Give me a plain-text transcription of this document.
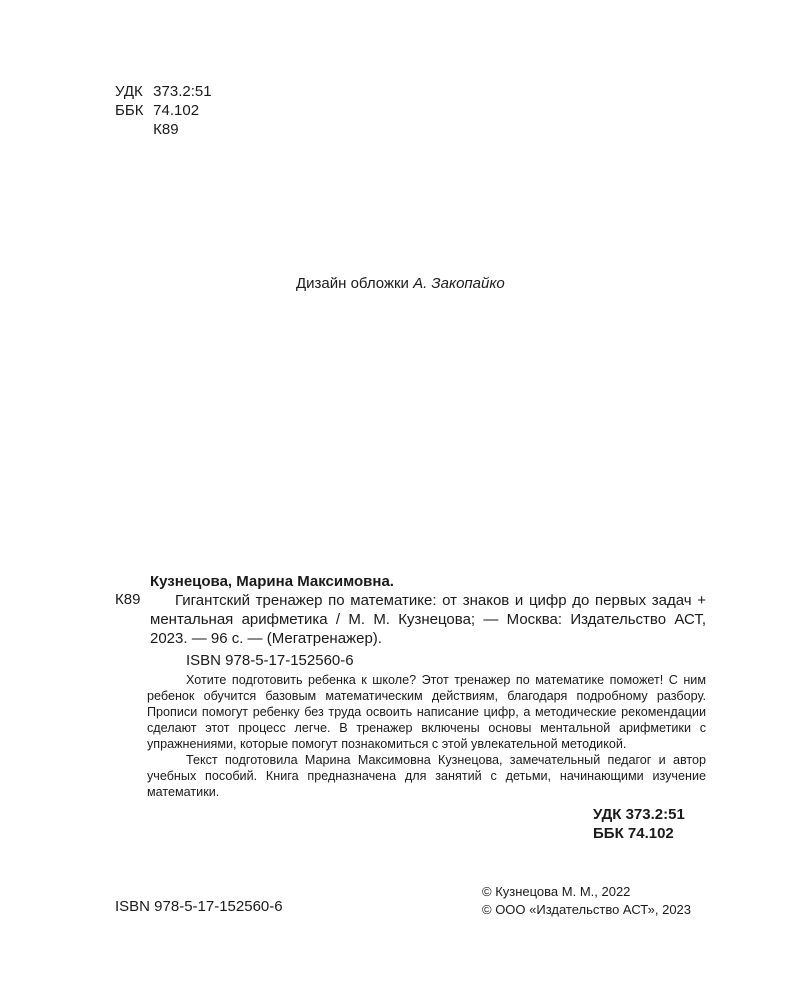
УДК 373.2:51
ББК 74.102
К89
Дизайн обложки А. Закопайко
Кузнецова, Марина Максимовна.
К89	Гигантский тренажер по математике: от знаков и цифр до первых задач + ментальная арифметика / М. М. Кузнецова; — Москва: Издательство АСТ, 2023. — 96 с. — (Мегатренажер).
ISBN 978-5-17-152560-6

Хотите подготовить ребенка к школе? Этот тренажер по математике поможет! С ним ребенок обучится базовым математическим действиям, благодаря подробному разбору. Прописи помогут ребенку без труда освоить написание цифр, а методические рекомендации сделают этот процесс легче. В тренажер включены основы ментальной арифметики с упражнениями, которые помогут познакомиться с этой увлекательной методикой.

Текст подготовила Марина Максимовна Кузнецова, замечательный педагог и автор учебных пособий. Книга предназначена для занятий с детьми, начинающими изучение математики.

УДК 373.2:51
ББК 74.102
ISBN 978-5-17-152560-6
© Кузнецова М. М., 2022
© ООО «Издательство АСТ», 2023
